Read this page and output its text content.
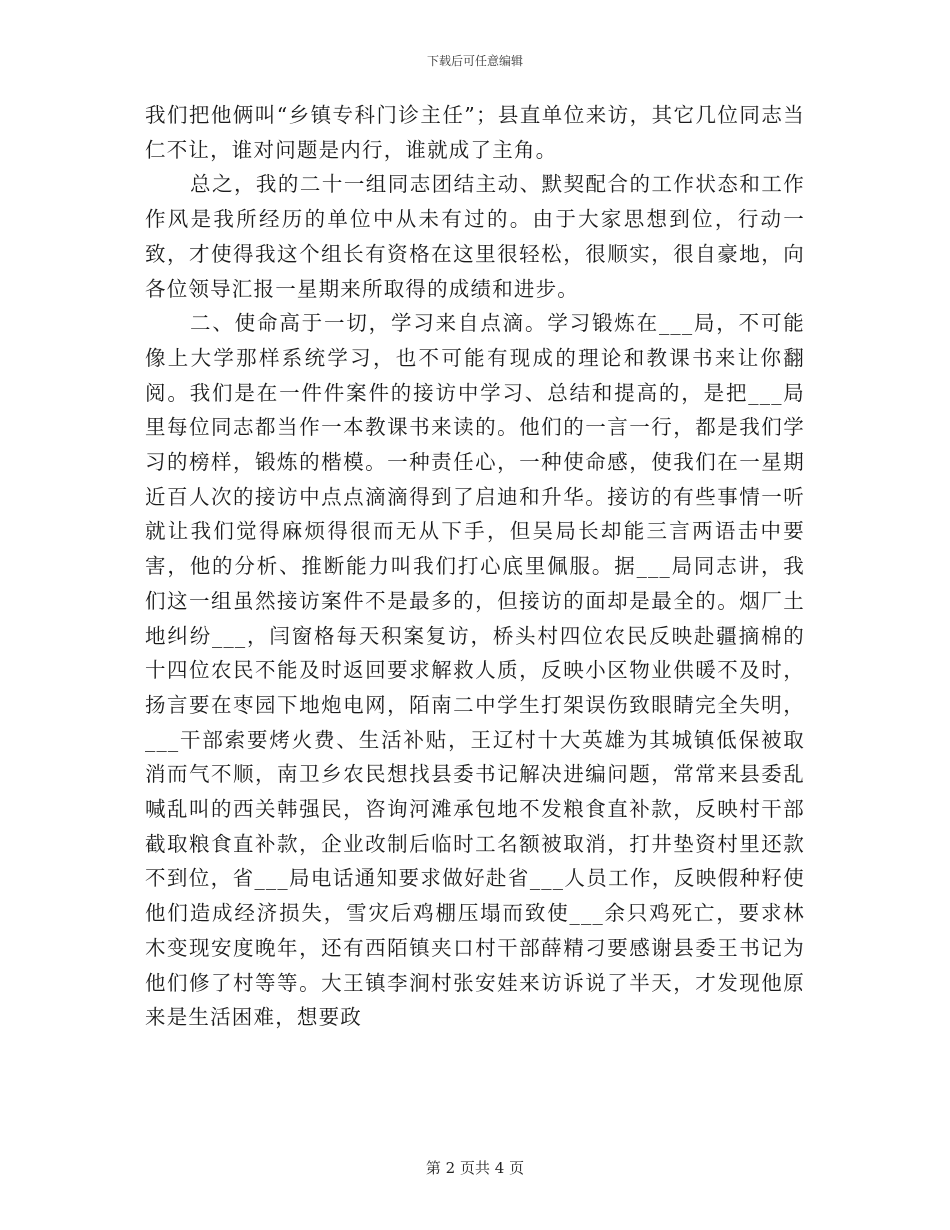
下载后可任意编辑

我们把他俩叫“乡镇专科门诊主任”；县直单位来访，其它几位同志当仁不让，谁对问题是内行，谁就成了主角。

总之，我的二十一组同志团结主动、默契配合的工作状态和工作作风是我所经历的单位中从未有过的。由于大家思想到位，行动一致，才使得我这个组长有资格在这里很轻松，很顺实，很自豪地，向各位领导汇报一星期来所取得的成绩和进步。

二、使命高于一切，学习来自点滴。学习锻炼在___局，不可能像上大学那样系统学习，也不可能有现成的理论和教课书来让你翻阅。我们是在一件件案件的接访中学习、总结和提高的，是把___局里每位同志都当作一本教课书来读的。他们的一言一行，都是我们学习的榜样，锻炼的楷模。一种责任心，一种使命感，使我们在一星期近百人次的接访中点点滴滴得到了启迪和升华。接访的有些事情一听就让我们觉得麻烦得很而无从下手，但吴局长却能三言两语击中要害，他的分析、推断能力叫我们打心底里佩服。据___局同志讲，我们这一组虽然接访案件不是最多的，但接访的面却是最全的。烟厂土地纠纷___，闫窗格每天积案复访，桥头村四位农民反映赴疆摘棉的十四位农民不能及时返回要求解救人质，反映小区物业供暖不及时，扬言要在枣园下地炮电网，陌南二中学生打架误伤致眼睛完全失明，___干部索要烤火费、生活补贴，王辽村十大英雄为其城镇低保被取消而气不顺，南卫乡农民想找县委书记解决进编问题，常常来县委乱喊乱叫的西关韩强民，咨询河滩承包地不发粮食直补款，反映村干部截取粮食直补款，企业改制后临时工名额被取消，打井垫资村里还款不到位，省___局电话通知要求做好赴省___人员工作，反映假种籽使他们造成经济损失，雪灾后鸡棚压塌而致使___余只鸡死亡，要求林木变现安度晚年，还有西陌镇夹口村干部薛精刁要感谢县委王书记为他们修了村等等。大王镇李涧村张安娃来访诉说了半天，才发现他原来是生活困难，想要政

第 2 页共 4 页
